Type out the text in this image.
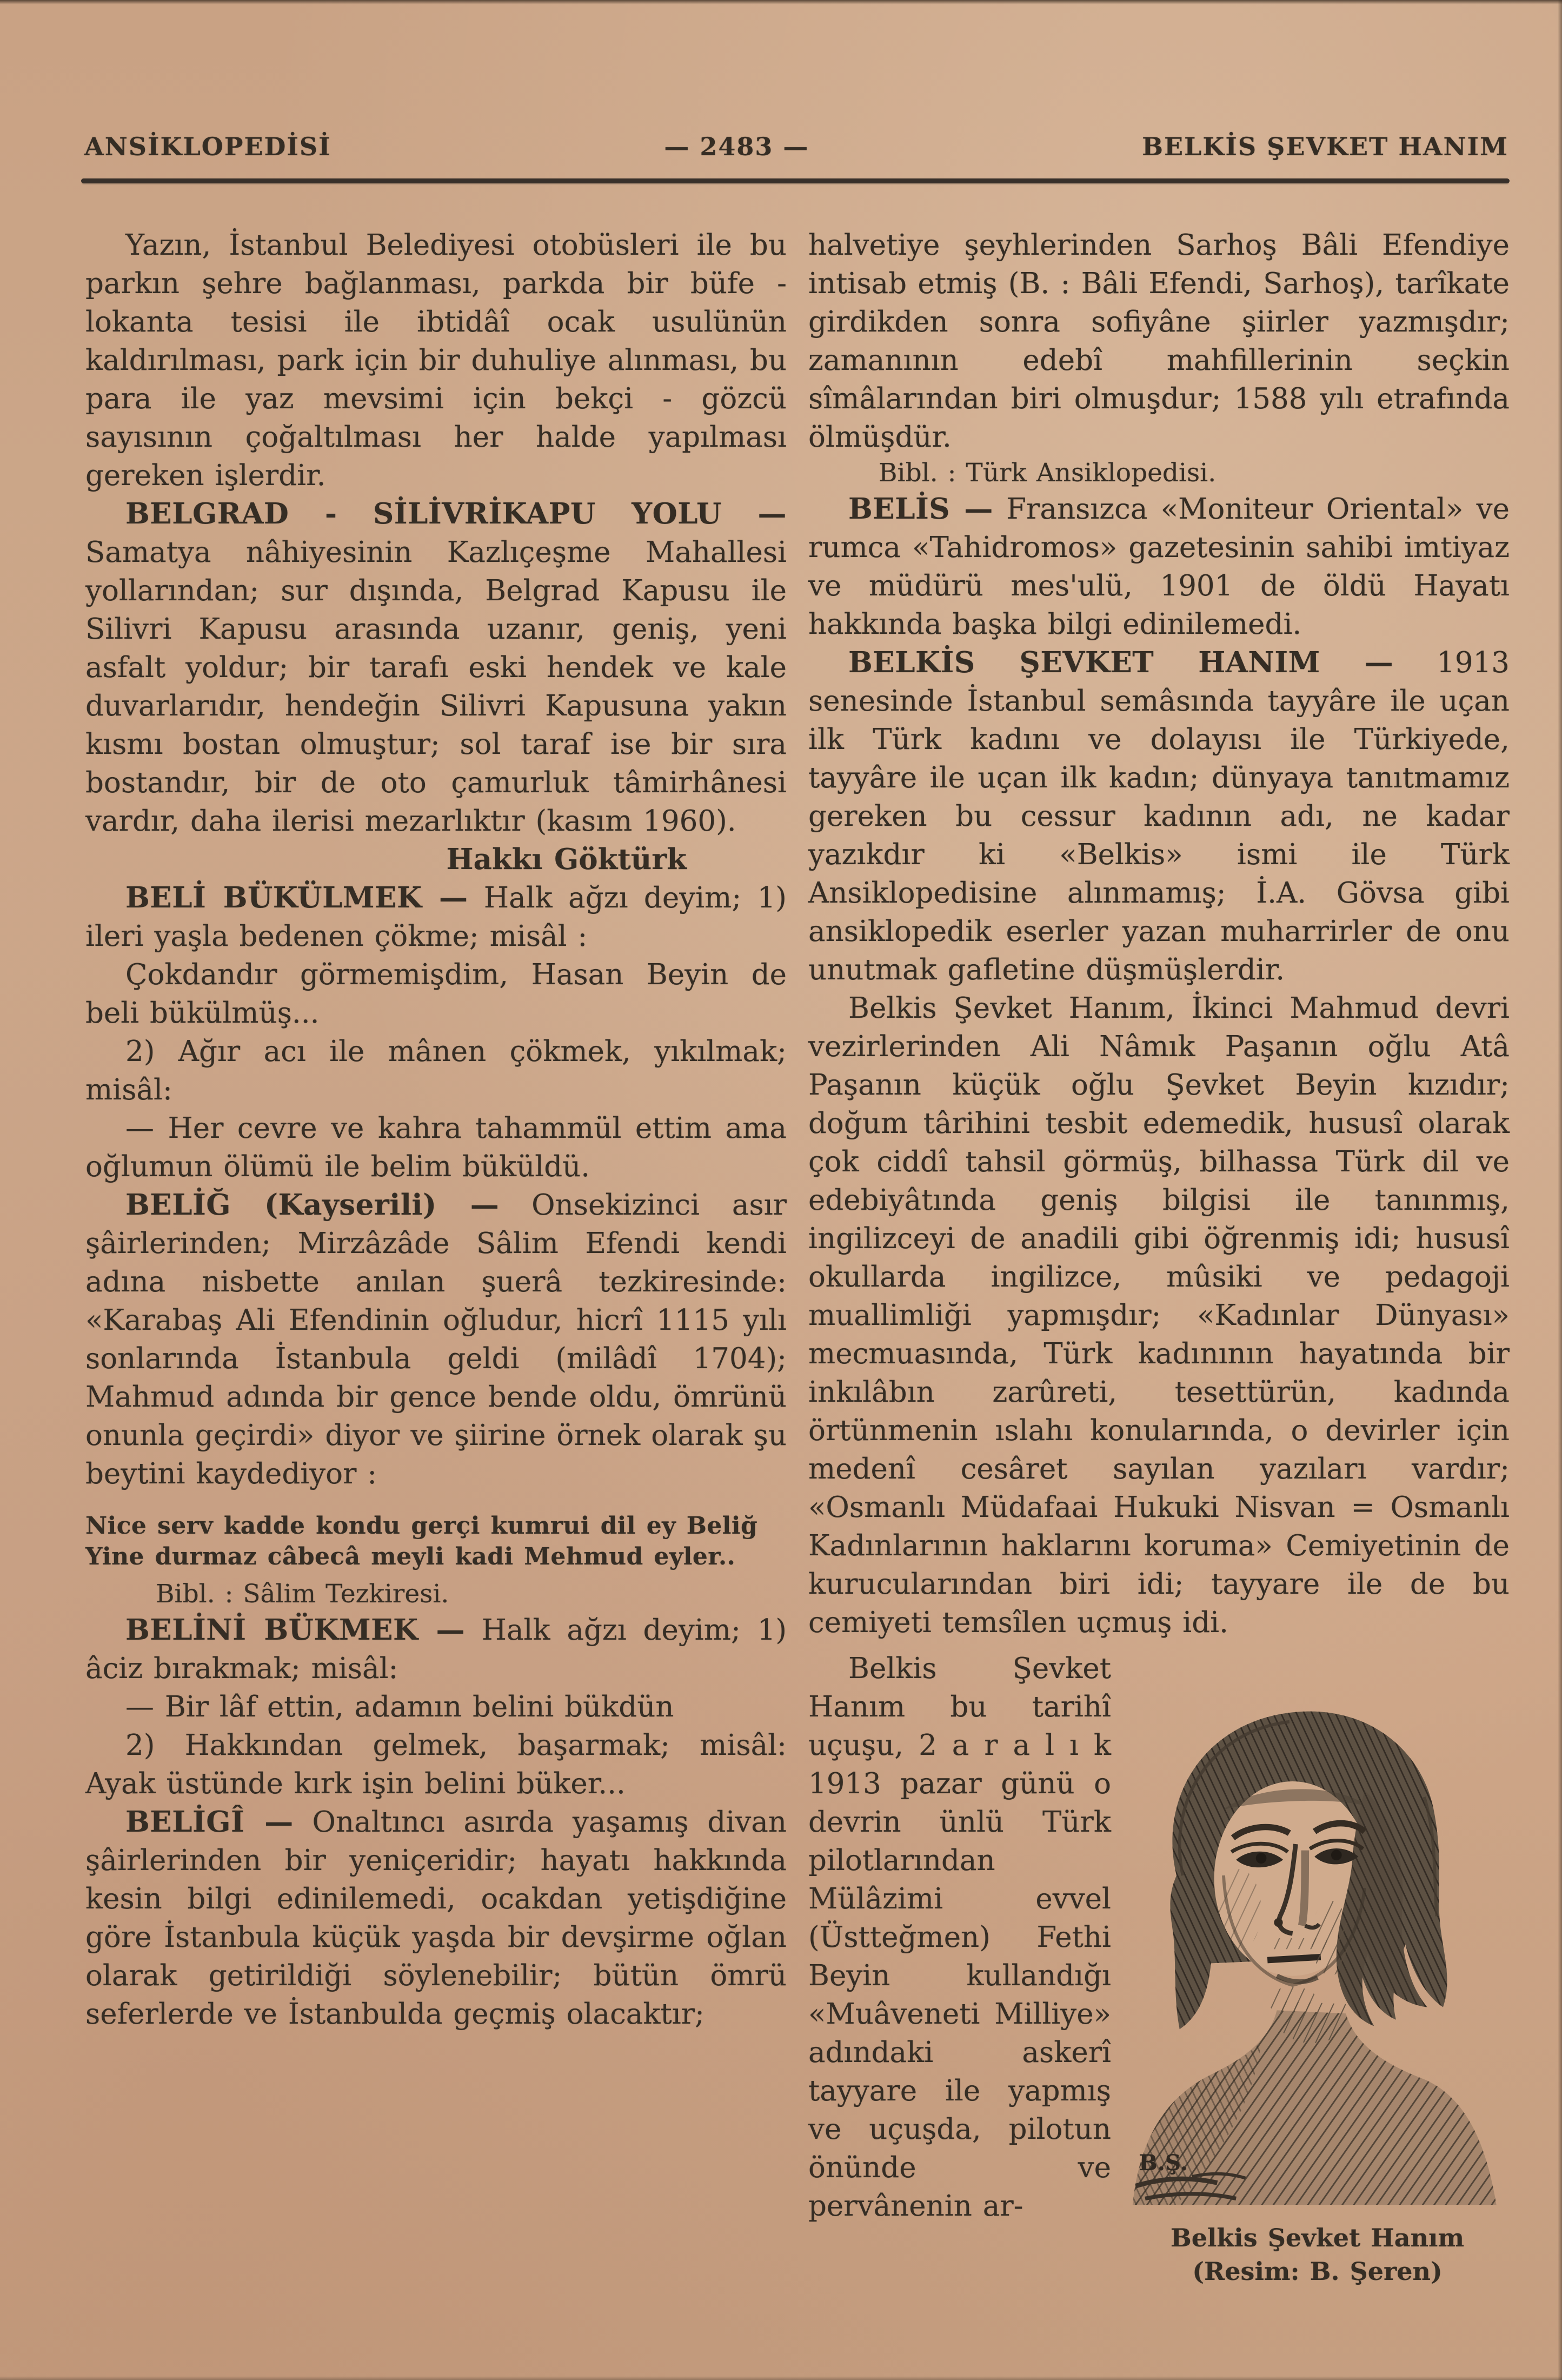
ANSİKLOPEDİSİ	— 2483 —	BELKİS ŞEVKET HANIM

Yazın, İstanbul Belediyesi otobüsleri ile bu parkın şehre bağlanması, parkda bir büfe - lokanta tesisi ile ibtidâî ocak usulünün kaldırılması, park için bir duhuliye alınması, bu para ile yaz mevsimi için bekçi - gözcü sayısının çoğaltılması her halde yapılması gereken işlerdir.

BELGRAD - SİLİVRİKAPU YOLU — Samatya nâhiyesinin Kazlıçeşme Mahallesi yollarından; sur dışında, Belgrad Kapusu ile Silivri Kapusu arasında uzanır, geniş, yeni asfalt yoldur; bir tarafı eski hendek ve kale duvarlarıdır, hendeğin Silivri Kapusuna yakın kısmı bostan olmuştur; sol taraf ise bir sıra bostandır, bir de oto çamurluk tâmirhânesi vardır, daha ilerisi mezarlıktır (kasım 1960).

Hakkı Göktürk

BELİ BÜKÜLMEK — Halk ağzı deyim; 1) ileri yaşla bedenen çökme; misâl :

Çokdandır görmemişdim, Hasan Beyin de beli bükülmüş...

2) Ağır acı ile mânen çökmek, yıkılmak; misâl:

— Her cevre ve kahra tahammül ettim ama oğlumun ölümü ile belim büküldü.

BELİĞ (Kayserili) — Onsekizinci asır şâirlerinden; Mirzâzâde Sâlim Efendi kendi adına nisbette anılan şuerâ tezkiresinde: «Karabaş Ali Efendinin oğludur, hicrî 1115 yılı sonlarında İstanbula geldi (milâdî 1704); Mahmud adında bir gence bende oldu, ömrünü onunla geçirdi» diyor ve şiirine örnek olarak şu beytini kaydediyor :

Nice serv kadde kondu gerçi kumrui dil ey Beliğ
Yine durmaz câbecâ meyli kadi Mehmud eyler..

Bibl. : Sâlim Tezkiresi.

BELİNİ BÜKMEK — Halk ağzı deyim; 1) âciz bırakmak; misâl:

— Bir lâf ettin, adamın belini bükdün

2) Hakkından gelmek, başarmak; misâl: Ayak üstünde kırk işin belini büker...

BELİGÎ — Onaltıncı asırda yaşamış divan şâirlerinden bir yeniçeridir; hayatı hakkında kesin bilgi edinilemedi, ocakdan yetişdiğine göre İstanbula küçük yaşda bir devşirme oğlan olarak getirildiği söylenebilir; bütün ömrü seferlerde ve İstanbulda geçmiş olacaktır;

halvetiye şeyhlerinden Sarhoş Bâli Efendiye intisab etmiş (B. : Bâli Efendi, Sarhoş), tarîkate girdikden sonra sofiyâne şiirler yazmışdır; zamanının edebî mahfillerinin seçkin sîmâlarından biri olmuşdur; 1588 yılı etrafında ölmüşdür.

Bibl. : Türk Ansiklopedisi.

BELİS — Fransızca «Moniteur Oriental» ve rumca «Tahidromos» gazetesinin sahibi imtiyaz ve müdürü mes'ulü, 1901 de öldü Hayatı hakkında başka bilgi edinilemedi.

BELKİS ŞEVKET HANIM — 1913 senesinde İstanbul semâsında tayyâre ile uçan ilk Türk kadını ve dolayısı ile Türkiyede, tayyâre ile uçan ilk kadın; dünyaya tanıtmamız gereken bu cessur kadının adı, ne kadar yazıkdır ki «Belkis» ismi ile Türk Ansiklopedisine alınmamış; İ.A. Gövsa gibi ansiklopedik eserler yazan muharrirler de onu unutmak gafletine düşmüşlerdir.

Belkis Şevket Hanım, İkinci Mahmud devri vezirlerinden Ali Nâmık Paşanın oğlu Atâ Paşanın küçük oğlu Şevket Beyin kızıdır; doğum târihini tesbit edemedik, hususî olarak çok ciddî tahsil görmüş, bilhassa Türk dil ve edebiyâtında geniş bilgisi ile tanınmış, ingilizceyi de anadili gibi öğrenmiş idi; hususî okullarda ingilizce, mûsiki ve pedagoji muallimliği yapmışdır; «Kadınlar Dünyası» mecmuasında, Türk kadınının hayatında bir inkılâbın zarûreti, tesettürün, kadında örtünmenin ıslahı konularında, o devirler için medenî cesâret sayılan yazıları vardır; «Osmanlı Müdafaai Hukuki Nisvan = Osmanlı Kadınlarının haklarını koruma» Cemiyetinin de kurucularından biri idi; tayyare ile de bu cemiyeti temsîlen uçmuş idi.

Belkis Şevket Hanım bu tarihî uçuşu, 2 a r a l ı k 1913 pazar günü o devrin ünlü Türk pilotlarından Mülâzimi evvel (Üstteğmen) Fethi Beyin kullandığı «Muâveneti Milliye» adındaki askerî tayyare ile yapmış ve uçuşda, pilotun önünde ve pervânenin ar-

B.Ş.
Belkis Şevket Hanım
(Resim: B. Şeren)
